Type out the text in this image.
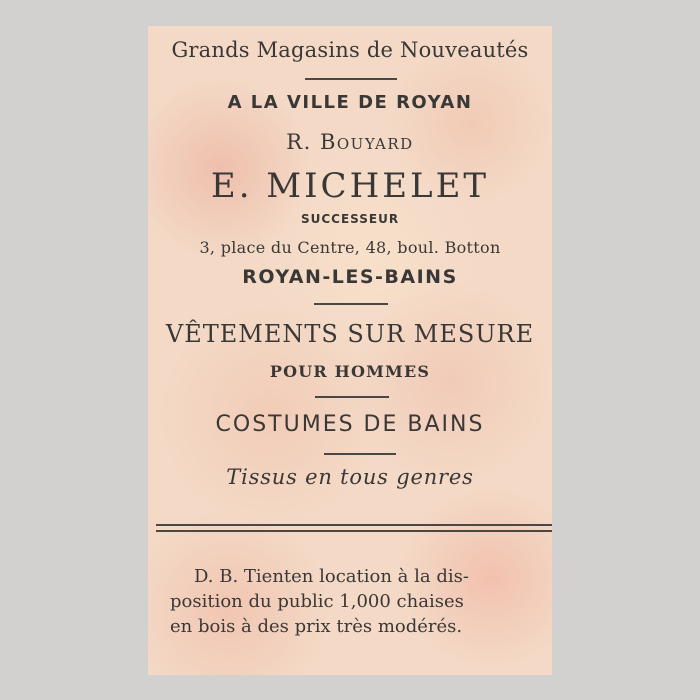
Grands Magasins de Nouveautés
A LA VILLE DE ROYAN
R. Bouyard
E. MICHELET
SUCCESSEUR
3, place du Centre, 48, boul. Botton
ROYAN-LES-BAINS
VÊTEMENTS SUR MESURE
POUR HOMMES
COSTUMES DE BAINS
Tissus en tous genres
D. B. Tienten location à la dis-
position du public 1,000 chaises
en bois à des prix très modérés.
